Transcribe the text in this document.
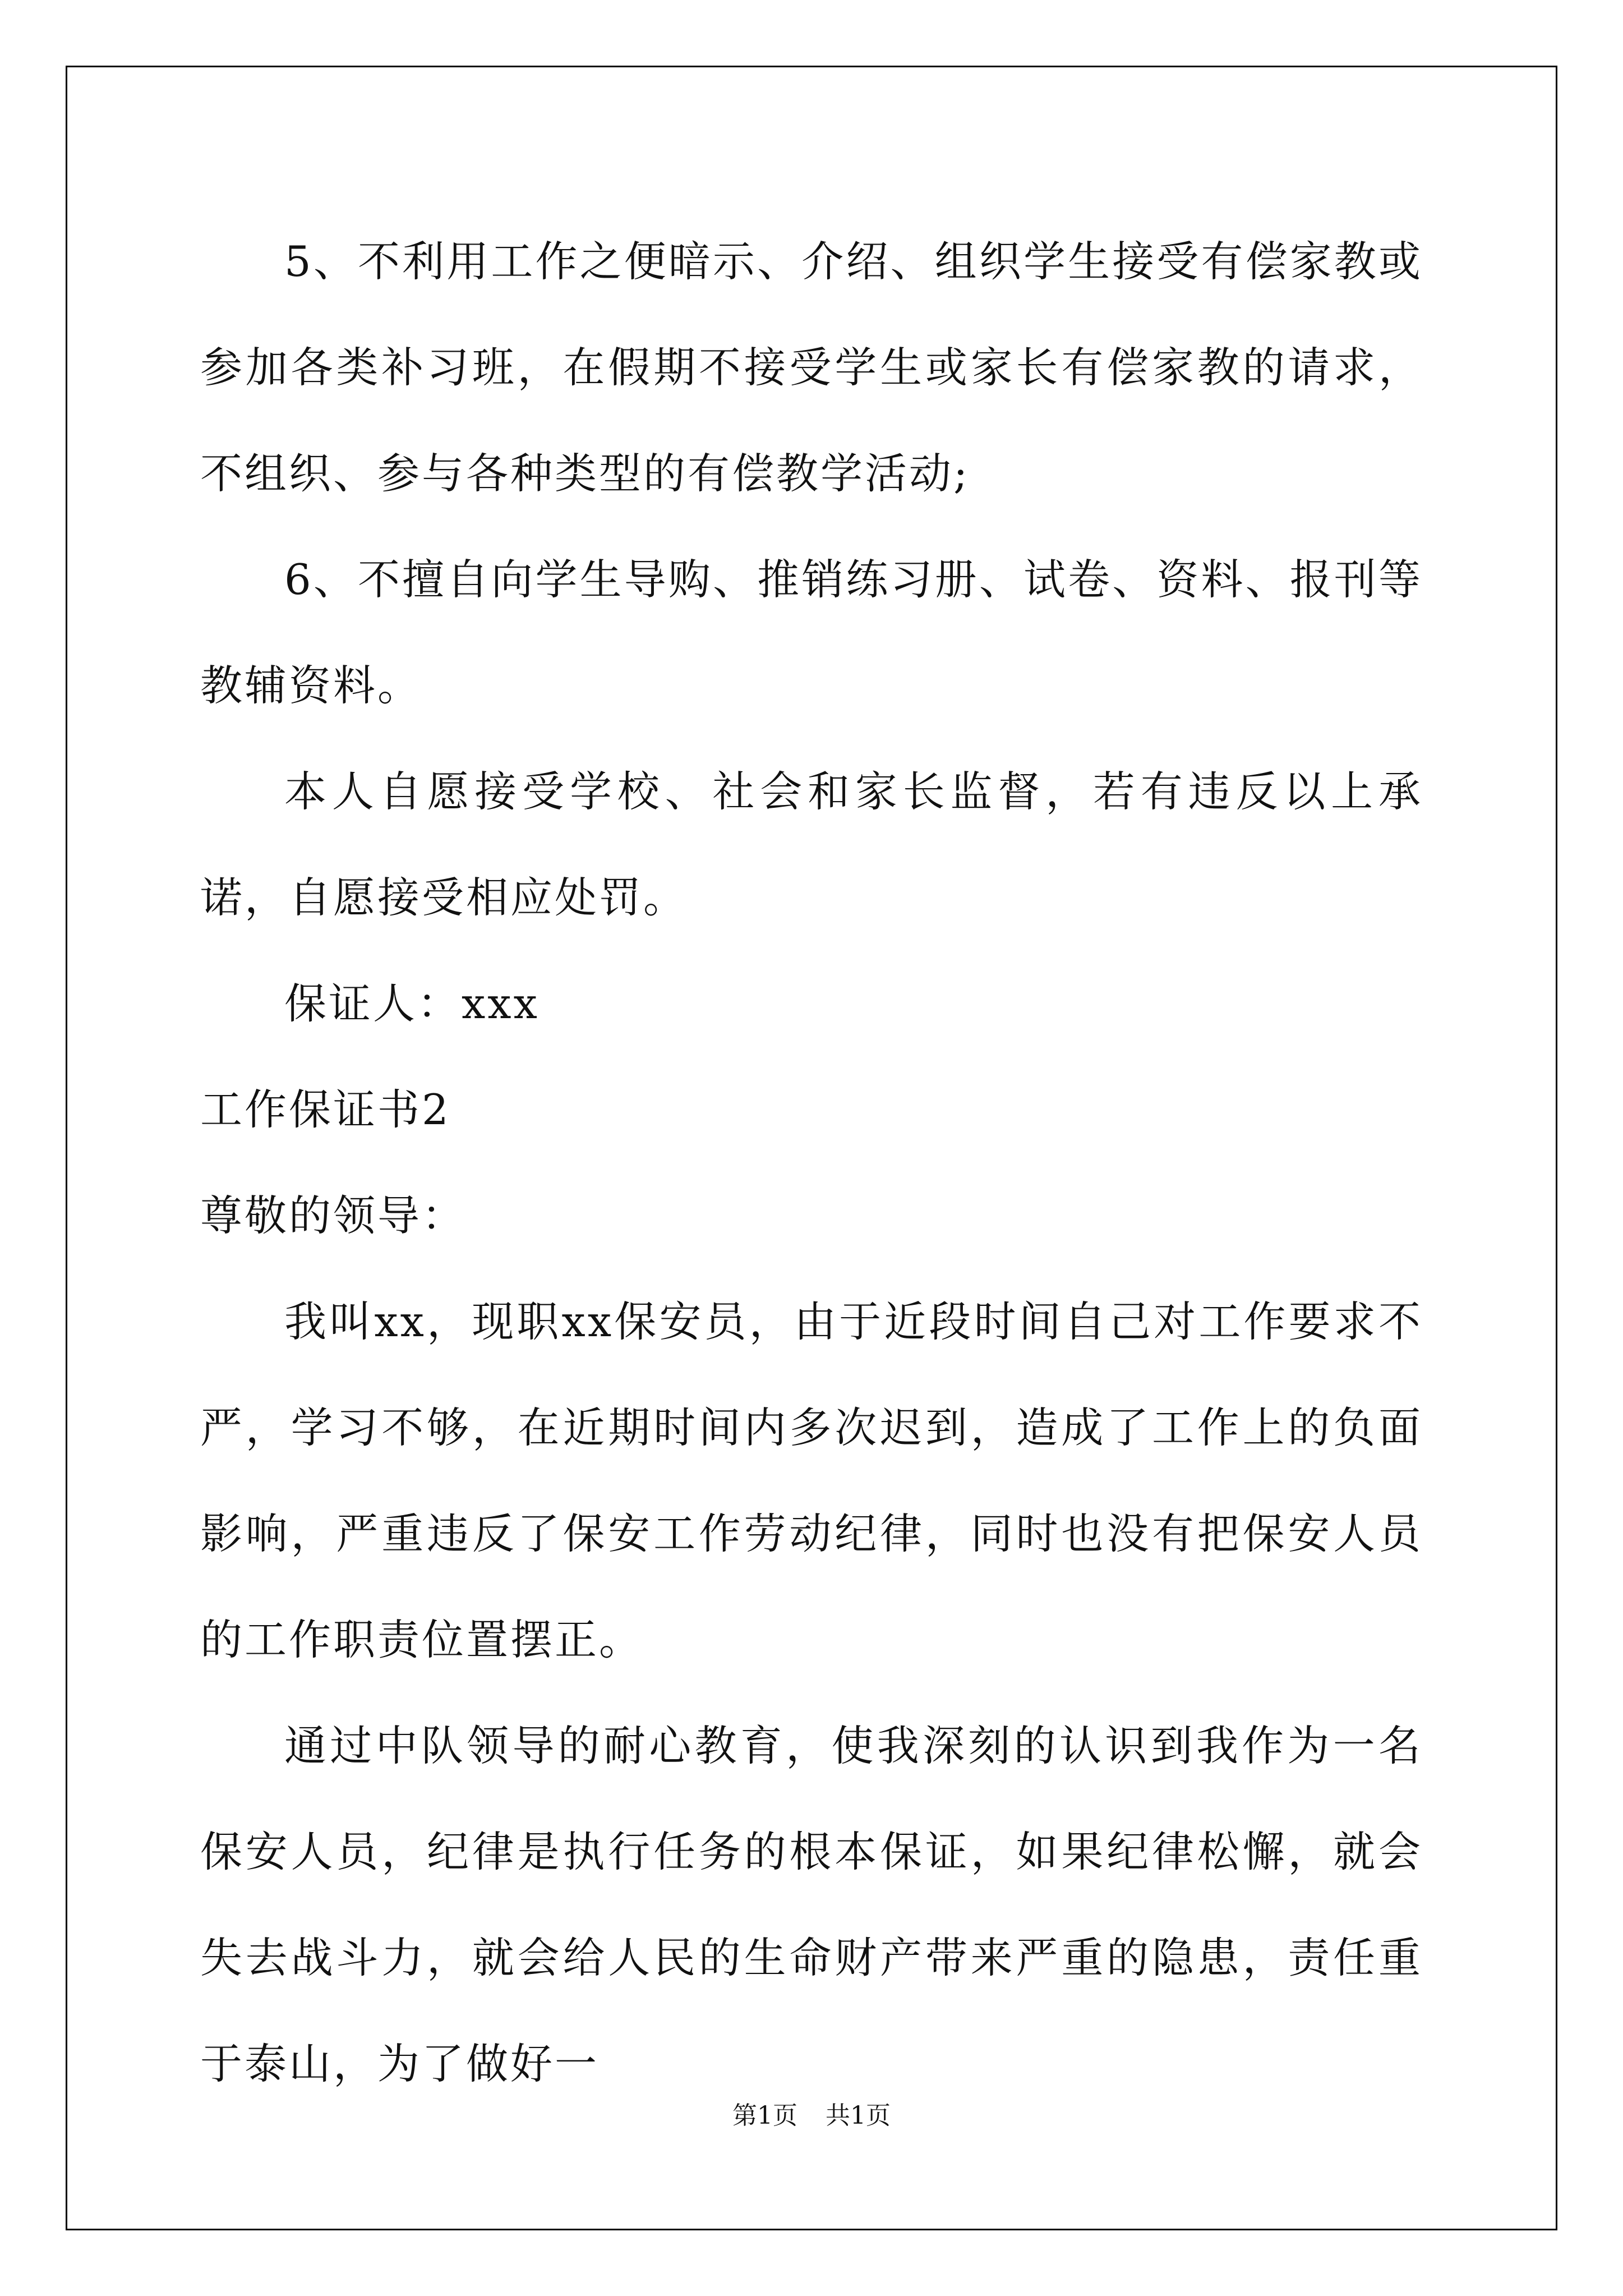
5、不利用工作之便暗示、介绍、组织学生接受有偿家教或参加各类补习班，在假期不接受学生或家长有偿家教的请求，不组织、参与各种类型的有偿教学活动;

6、不擅自向学生导购、推销练习册、试卷、资料、报刊等教辅资料。

本人自愿接受学校、社会和家长监督，若有违反以上承诺，自愿接受相应处罚。

保证人：xxx

工作保证书2

尊敬的领导：

我叫xx，现职xx保安员，由于近段时间自己对工作要求不严，学习不够，在近期时间内多次迟到，造成了工作上的负面影响，严重违反了保安工作劳动纪律，同时也没有把保安人员的工作职责位置摆正。

通过中队领导的耐心教育，使我深刻的认识到我作为一名保安人员，纪律是执行任务的根本保证，如果纪律松懈，就会失去战斗力，就会给人民的生命财产带来严重的隐患，责任重于泰山，为了做好一

第1页 共1页
